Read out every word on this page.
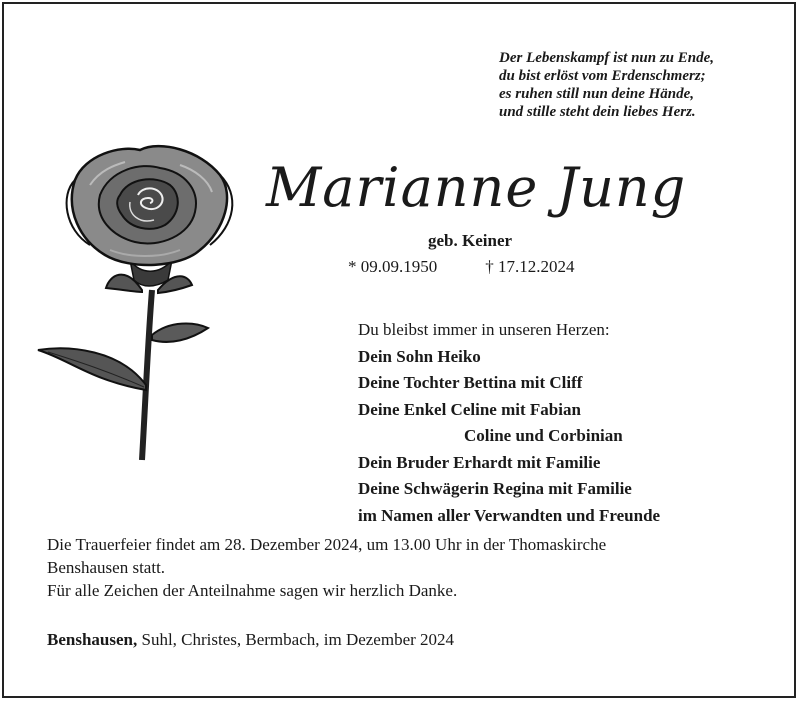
Der Lebenskampf ist nun zu Ende,
du bist erlöst vom Erdenschmerz;
es ruhen still nun deine Hände,
und stille steht dein liebes Herz.
Marianne Jung
geb. Keiner
* 09.09.1950	† 17.12.2024
Du bleibst immer in unseren Herzen:
Dein Sohn Heiko
Deine Tochter Bettina mit Cliff
Deine Enkel Celine mit Fabian
Coline und Corbinian
Dein Bruder Erhardt mit Familie
Deine Schwägerin Regina mit Familie
im Namen aller Verwandten und Freunde

Die Trauerfeier findet am 28. Dezember 2024, um 13.00 Uhr in der Thomaskirche

Benshausen statt.

Für alle Zeichen der Anteilnahme sagen wir herzlich Danke.

Benshausen, Suhl, Christes, Bermbach, im Dezember 2024
